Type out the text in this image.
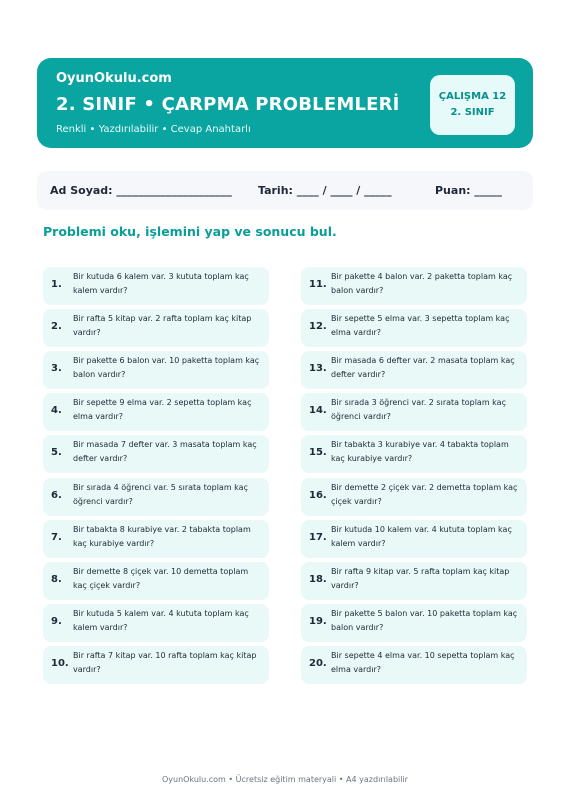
OyunOkulu.com
2. SINIF • ÇARPMA PROBLEMLERİ
Renkli • Yazdırılabilir • Cevap Anahtarlı
ÇALIŞMA 12
2. SINIF
Ad Soyad: _____________________ Tarih: ____ / ____ / _____	Puan: _____
Problemi oku, işlemini yap ve sonucu bul.
1.
Bir kutuda 6 kalem var. 3 kututa toplam kaç kalem vardır?
2.
Bir rafta 5 kitap var. 2 rafta toplam kaç kitap vardır?
3.
Bir pakette 6 balon var. 10 paketta toplam kaç balon vardır?
4.
Bir sepette 9 elma var. 2 sepetta toplam kaç elma vardır?
5.
Bir masada 7 defter var. 3 masata toplam kaç defter vardır?
6.
Bir sırada 4 öğrenci var. 5 sırata toplam kaç öğrenci vardır?
7.
Bir tabakta 8 kurabiye var. 2 tabakta toplam kaç kurabiye vardır?
8.
Bir demette 8 çiçek var. 10 demetta toplam kaç çiçek vardır?
9.
Bir kutuda 5 kalem var. 4 kututa toplam kaç kalem vardır?
10.
Bir rafta 7 kitap var. 10 rafta toplam kaç kitap vardır?
11.
Bir pakette 4 balon var. 2 paketta toplam kaç balon vardır?
12.
Bir sepette 5 elma var. 3 sepetta toplam kaç elma vardır?
13.
Bir masada 6 defter var. 2 masata toplam kaç defter vardır?
14.
Bir sırada 3 öğrenci var. 2 sırata toplam kaç öğrenci vardır?
15.
Bir tabakta 3 kurabiye var. 4 tabakta toplam kaç kurabiye vardır?
16.
Bir demette 2 çiçek var. 2 demetta toplam kaç çiçek vardır?
17.
Bir kutuda 10 kalem var. 4 kututa toplam kaç kalem vardır?
18.
Bir rafta 9 kitap var. 5 rafta toplam kaç kitap vardır?
19.
Bir pakette 5 balon var. 10 paketta toplam kaç balon vardır?
20.
Bir sepette 4 elma var. 10 sepetta toplam kaç elma vardır?
OyunOkulu.com • Ücretsiz eğitim materyali • A4 yazdırılabilir
